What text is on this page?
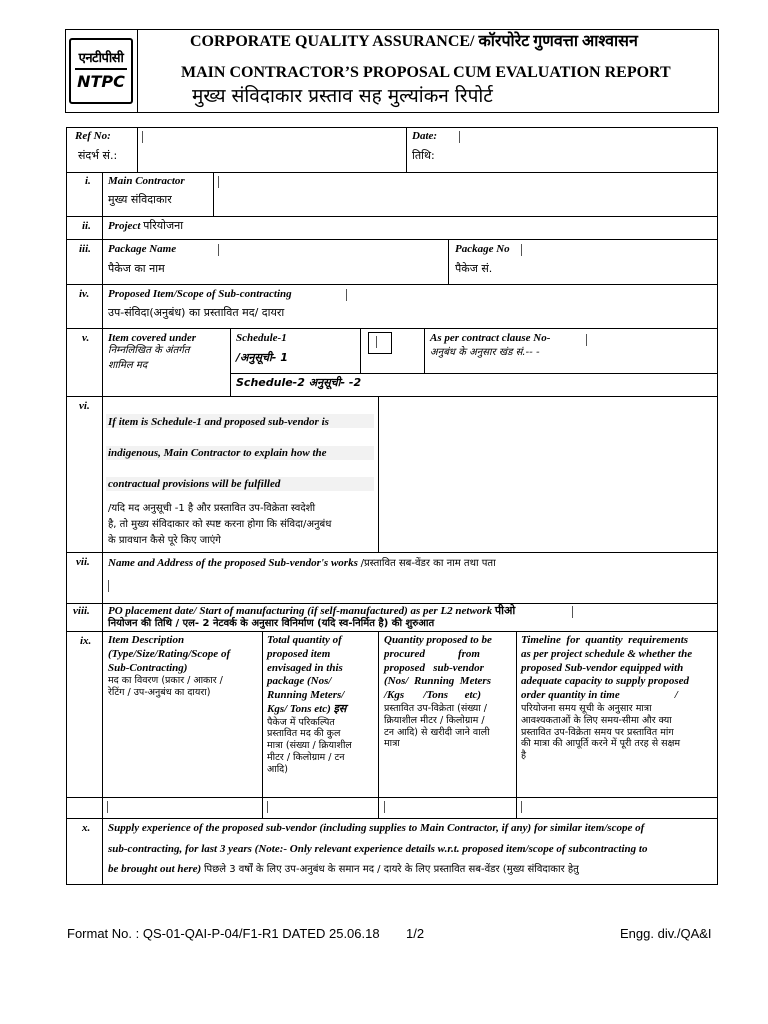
एनटीपीसी
NTPC
CORPORATE QUALITY ASSURANCE/ कॉरपोरेट गुणवत्ता आश्वासन
MAIN CONTRACTOR’S PROPOSAL CUM EVALUATION REPORT
मुख्य संविदाकार प्रस्ताव सह मुल्यांकन रिपोर्ट
Ref No:
संदर्भ सं.:
Date:
तिथि:
i. Main Contractor
मुख्य संविदाकार
ii. Project परियोजना
iii. Package Name
पैकेज का नाम
Package No
पैकेज सं.
iv. Proposed Item/Scope of Sub-contracting
उप-संविदा(अनुबंध) का प्रस्तावित मद/ दायरा
v. Item covered under
निम्नलिखित के अंतर्गत
शामिल मद
Schedule-1
/अनुसूची- 1
Schedule-2 अनुसूची- -2
As per contract clause No-
अनुबंध के अनुसार खंड सं.-- -
vi.
If item is Schedule-1 and proposed sub-vendor is
indigenous, Main Contractor to explain how the
contractual provisions will be fulfilled
/यदि मद अनुसूची -1 है और प्रस्तावित उप-विक्रेता स्वदेशी
है, तो मुख्य संविदाकार को स्पष्ट करना होगा कि संविदा/अनुबंध
के प्रावधान कैसे पूरे किए जाएंगे
vii. Name and Address of the proposed Sub-vendor's works /प्रस्तावित सब-वेंडर का नाम तथा पता
viii. PO placement date/ Start of manufacturing (if self-manufactured) as per L2 network पीओ
नियोजन की तिथि / एल- 2 नेटवर्क के अनुसार विनिर्माण (यदि स्व-निर्मित है) की शुरुआत
ix. Item Description
(Type/Size/Rating/Scope of
Sub-Contracting)
मद का विवरण (प्रकार / आकार /
रेटिंग / उप-अनुबंध का दायरा)
Total quantity of
proposed item
envisaged in this
package (Nos/
Running Meters/
Kgs/ Tons etc) इस
पैकेज में परिकल्पित
प्रस्तावित मद की कुल
मात्रा (संख्या / क्रियाशील
मीटर / किलोग्राम / टन
आदि)
Quantity proposed to be
procured            from
proposed   sub-vendor
(Nos/  Running  Meters
/Kgs       /Tons      etc)
प्रस्तावित उप-विक्रेता (संख्या /
क्रियाशील मीटर / किलोग्राम /
टन आदि) से खरीदी जाने वाली
मात्रा
Timeline  for  quantity  requirements
as per project schedule & whether the
proposed Sub-vendor equipped with
adequate capacity to supply proposed
order quantity in time                    /
परियोजना समय सूची के अनुसार मात्रा
आवश्यकताओं के लिए समय-सीमा और क्या
प्रस्तावित उप-विक्रेता समय पर प्रस्तावित मांग
की मात्रा की आपूर्ति करने में पूरी तरह से सक्षम
है
x. Supply experience of the proposed sub-vendor (including supplies to Main Contractor, if any) for similar item/scope of
sub-contracting, for last 3 years (Note:- Only relevant experience details w.r.t. proposed item/scope of subcontracting to
be brought out here) पिछले 3 वर्षों के लिए उप-अनुबंध के समान मद / दायरे के लिए प्रस्तावित सब-वेंडर (मुख्य संविदाकार हेतु
Format No. : QS-01-QAI-P-04/F1-R1 DATED 25.06.18 1/2	Engg. div./QA&I
